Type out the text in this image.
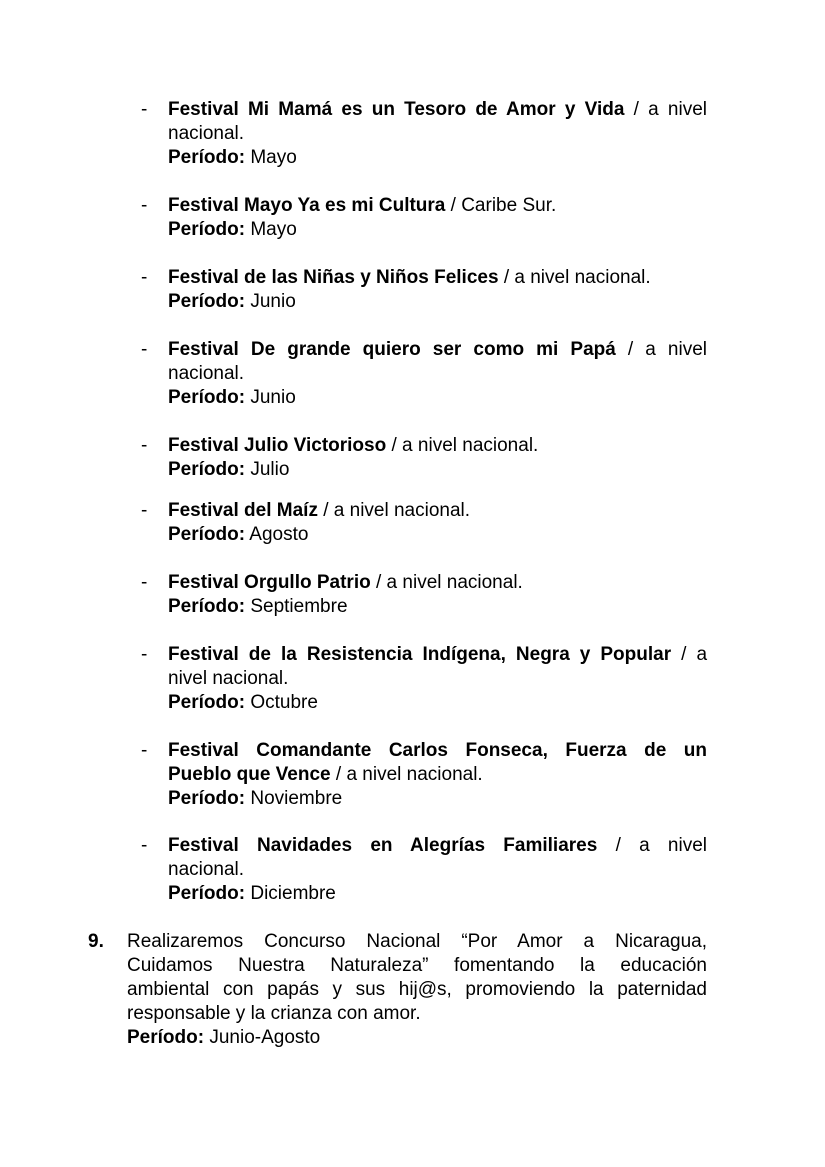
-	Festival Mi Mamá es un Tesoro de Amor y Vida / a nivel
nacional.
Período: Mayo
-	Festival Mayo Ya es mi Cultura / Caribe Sur.
Período: Mayo
-	Festival de las Niñas y Niños Felices / a nivel nacional.
Período: Junio
-	Festival De grande quiero ser como mi Papá / a nivel
nacional.
Período: Junio
-	Festival Julio Victorioso / a nivel nacional.
Período: Julio
-	Festival del Maíz / a nivel nacional.
Período: Agosto
-	Festival Orgullo Patrio / a nivel nacional.
Período: Septiembre
-	Festival de la Resistencia Indígena, Negra y Popular / a
nivel nacional.
Período: Octubre
-	Festival Comandante Carlos Fonseca, Fuerza de un
Pueblo que Vence / a nivel nacional.
Período: Noviembre
-	Festival Navidades en Alegrías Familiares / a nivel
nacional.
Período: Diciembre
9. Realizaremos Concurso Nacional “Por Amor a Nicaragua,
Cuidamos Nuestra Naturaleza” fomentando la educación
ambiental con papás y sus hij@s, promoviendo la paternidad
responsable y la crianza con amor.
Período: Junio-Agosto
